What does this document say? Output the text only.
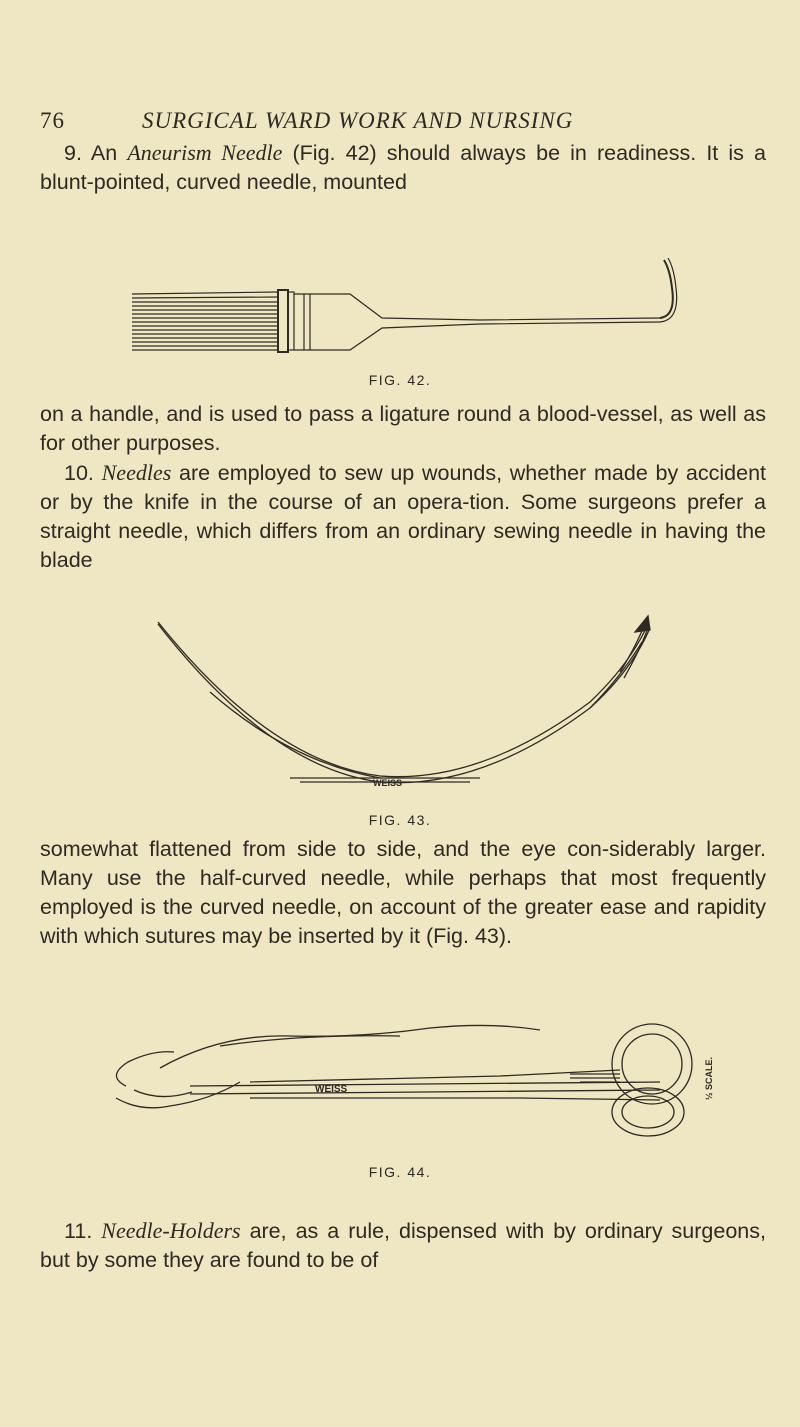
76	SURGICAL WARD WORK AND NURSING
9. An Aneurism Needle (Fig. 42) should always be in readiness. It is a blunt-pointed, curved needle, mounted
FIG. 42.
on a handle, and is used to pass a ligature round a blood-vessel, as well as for other purposes.
10. Needles are employed to sew up wounds, whether made by accident or by the knife in the course of an opera-tion. Some surgeons prefer a straight needle, which differs from an ordinary sewing needle in having the blade
WEISS
FIG. 43.
somewhat flattened from side to side, and the eye con-siderably larger. Many use the half-curved needle, while perhaps that most frequently employed is the curved needle, on account of the greater ease and rapidity with which sutures may be inserted by it (Fig. 43).
WEISS	½ SCALE.
FIG. 44.
11. Needle-Holders are, as a rule, dispensed with by ordinary surgeons, but by some they are found to be of
